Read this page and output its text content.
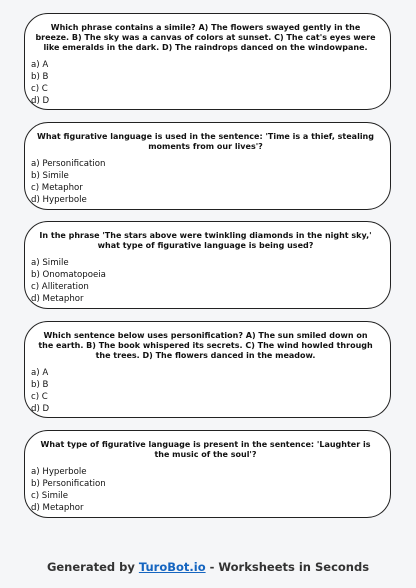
Which phrase contains a simile? A) The flowers swayed gently in the breeze. B) The sky was a canvas of colors at sunset. C) The cat's eyes were like emeralds in the dark. D) The raindrops danced on the windowpane.

a) A

b) B

c) C

d) D

What figurative language is used in the sentence: 'Time is a thief, stealing moments from our lives'?

a) Personification

b) Simile

c) Metaphor

d) Hyperbole

In the phrase 'The stars above were twinkling diamonds in the night sky,' what type of figurative language is being used?

a) Simile

b) Onomatopoeia

c) Alliteration

d) Metaphor

Which sentence below uses personification? A) The sun smiled down on the earth. B) The book whispered its secrets. C) The wind howled through the trees. D) The flowers danced in the meadow.

a) A

b) B

c) C

d) D

What type of figurative language is present in the sentence: 'Laughter is the music of the soul'?

a) Hyperbole

b) Personification

c) Simile

d) Metaphor

Generated by TuroBot.io - Worksheets in Seconds
